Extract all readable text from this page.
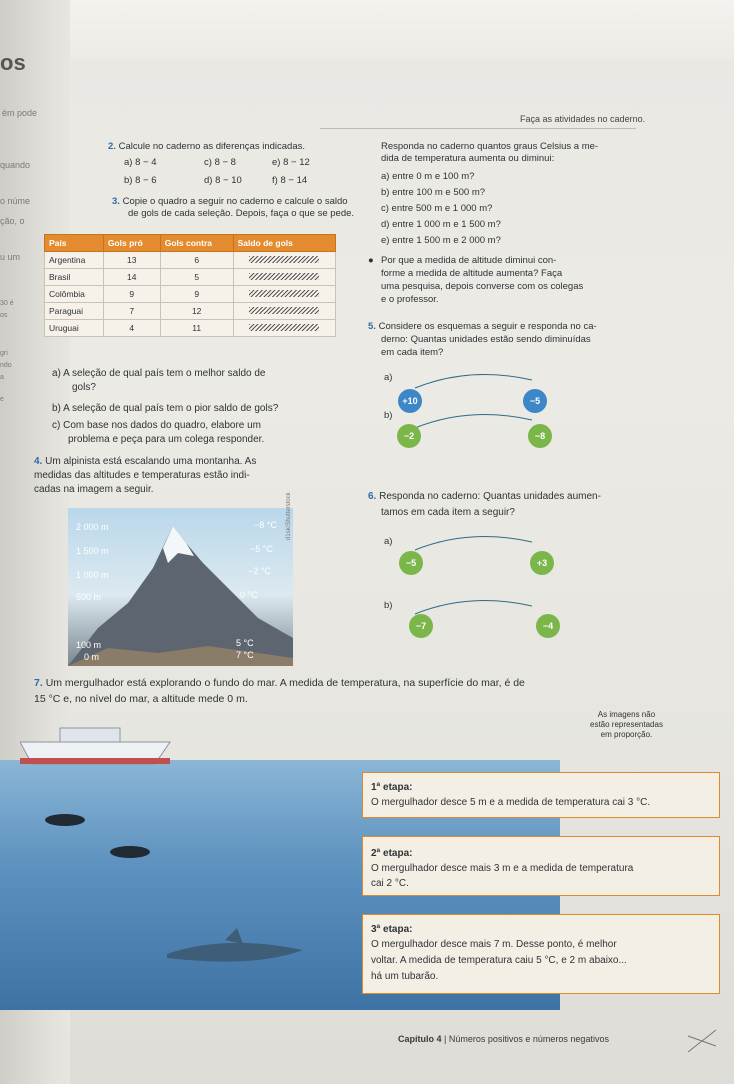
os
ém pode
quando
o núme
ção, o
u um
30 é
os
gri
ndo
a
e
Faça as atividades no caderno.
2. Calcule no caderno as diferenças indicadas.
a) 8 − 4	c) 8 − 8	e) 8 − 12
b) 8 − 6	d) 8 − 10	f) 8 − 14
3. Copie o quadro a seguir no caderno e calcule o saldo
de gols de cada seleção. Depois, faça o que se pede.
País	Gols pró	Gols contra	Saldo de gols
Argentina	13	6	
Brasil	14	5	
Colômbia	9	9	
Paraguai	7	12	
Uruguai	4	11	
a) A seleção de qual país tem o melhor saldo de
gols?
b) A seleção de qual país tem o pior saldo de gols?
c) Com base nos dados do quadro, elabore um
problema e peça para um colega responder.
4. Um alpinista está escalando uma montanha. As
medidas das altitudes e temperaturas estão indi-
cadas na imagem a seguir.
2 000 m
1 500 m
1 000 m
500 m
100 m
0 m
−8 °C
−5 °C
−2 °C
0 °C
5 °C
7 °C
d1sk/Shutterstock
Responda no caderno quantos graus Celsius a me-
dida de temperatura aumenta ou diminui:
a) entre 0 m e 100 m?
b) entre 100 m e 500 m?
c) entre 500 m e 1 000 m?
d) entre 1 000 m e 1 500 m?
e) entre 1 500 m e 2 000 m?
● Por que a medida de altitude diminui con-
forme a medida de altitude aumenta? Faça
uma pesquisa, depois converse com os colegas
e o professor.
5. Considere os esquemas a seguir e responda no ca-
derno: Quantas unidades estão sendo diminuídas
em cada item?
a)
+10	−5
b)
−2	−8
6. Responda no caderno: Quantas unidades aumen-
tamos em cada item a seguir?
a)
−5	+3
b)
−7	−4
7. Um mergulhador está explorando o fundo do mar. A medida de temperatura, na superfície do mar, é de
15 °C e, no nível do mar, a altitude mede 0 m.
As imagens não
estão representadas
em proporção.
1ª etapa:
O mergulhador desce 5 m e a medida de temperatura cai 3 °C.
2ª etapa:
O mergulhador desce mais 3 m e a medida de temperatura
cai 2 °C.
3ª etapa:
O mergulhador desce mais 7 m. Desse ponto, é melhor
voltar. A medida de temperatura caiu 5 °C, e 2 m abaixo...
há um tubarão.
Capítulo 4 | Números positivos e números negativos
